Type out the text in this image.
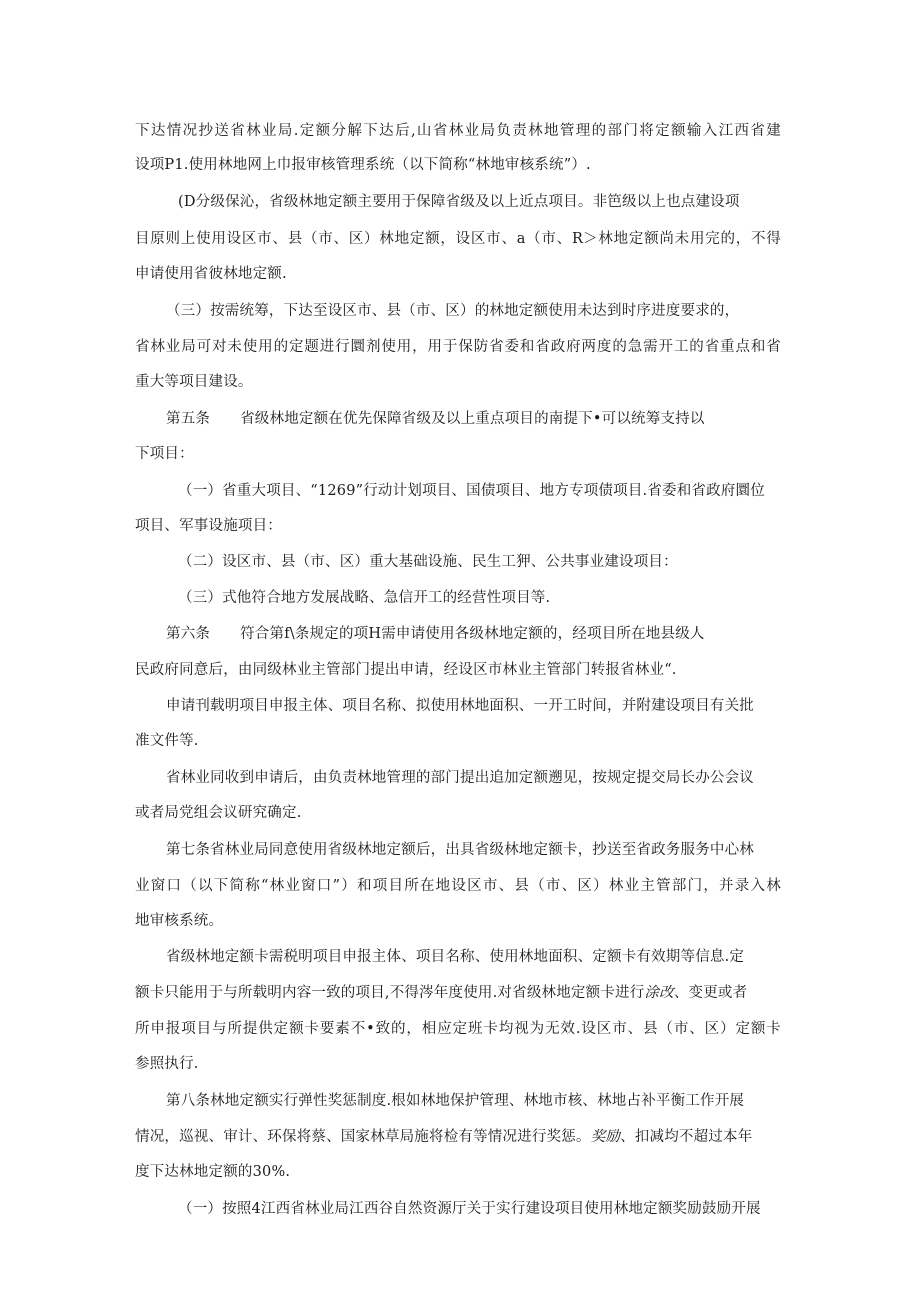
下达情况抄送省林业局.定额分解下达后,山省林业局负责林地管理的部门将定额输入江西省建
设项P1.使用林地网上巾报审核管理系统（以下简称“林地审核系统”）.
(D分级保沁，省级林地定额主要用于保障省级及以上近点项目。非笆级以上也点建设项
目原则上使用设区市、县（市、区）林地定额，设区市、a（市、R＞林地定额尚未用完的，不得
申请使用省彼林地定额.
（三）按需统筹，下达至设区市、县（市、区）的林地定额使用未达到时序进度要求的，
省林业局可对未使用的定题进行圜剂使用，用于保防省委和省政府两度的急需开工的省重点和省
重大等项目建设。
第五条 省级林地定额在优先保障省级及以上重点项目的南提下•可以统筹支持以
下项目：
（一）省重大项目、“1269”行动计划项目、国债项目、地方专项债项目.省委和省政府圜位
项目、军事设施项目：
（二）设区市、县（市、区）重大基础设施、民生工狎、公共事业建设项目：
（三）式他符合地方发展战略、急信开工的经营性项目等.
第六条 符合第f\条规定的项H需申请使用各级林地定额的，经项目所在地县级人
民政府同意后，由同级林业主管部门提出申请，经设区市林业主管部门转报省林业“.
申请刊载明项目申报主体、项目名称、拟使用林地面积、一开工时间，并附建设项目有关批
准文件等.
省林业同收到申请后，由负责林地管理的部门提出追加定额遡见，按规定提交局长办公会议
或者局党组会议研究确定.
第七条省林业局同意使用省级林地定额后，出具省级林地定额卡，抄送至省政务服务中心林
业窗口（以下简称“林业窗口”）和项目所在地设区市、县（市、区）林业主管部门，并录入林
地审核系统。
省级林地定额卡需税明项目申报主体、项目名称、使用林地面积、定额卡有效期等信息.定
额卡只能用于与所载明内容一致的项目,不得涔年度使用.对省级林地定额卡进行涂改、变更或者
所申报项目与所提供定额卡要素不•致的，相应定班卡均视为无效.设区市、县（市、区）定额卡
参照执行.
第八条林地定额实行弹性奖惩制度.根如林地保护管理、林地市核、林地占补平衡工作开展
情况，巡视、审计、环保将蔡、国家林草局施将检有等情况进行奖惩。奖励、扣减均不超过本年
度下达林地定额的30%.
（一）按照4江西省林业局江西谷自然资源厅关于实行建设项目使用林地定额奖励鼓励开展
